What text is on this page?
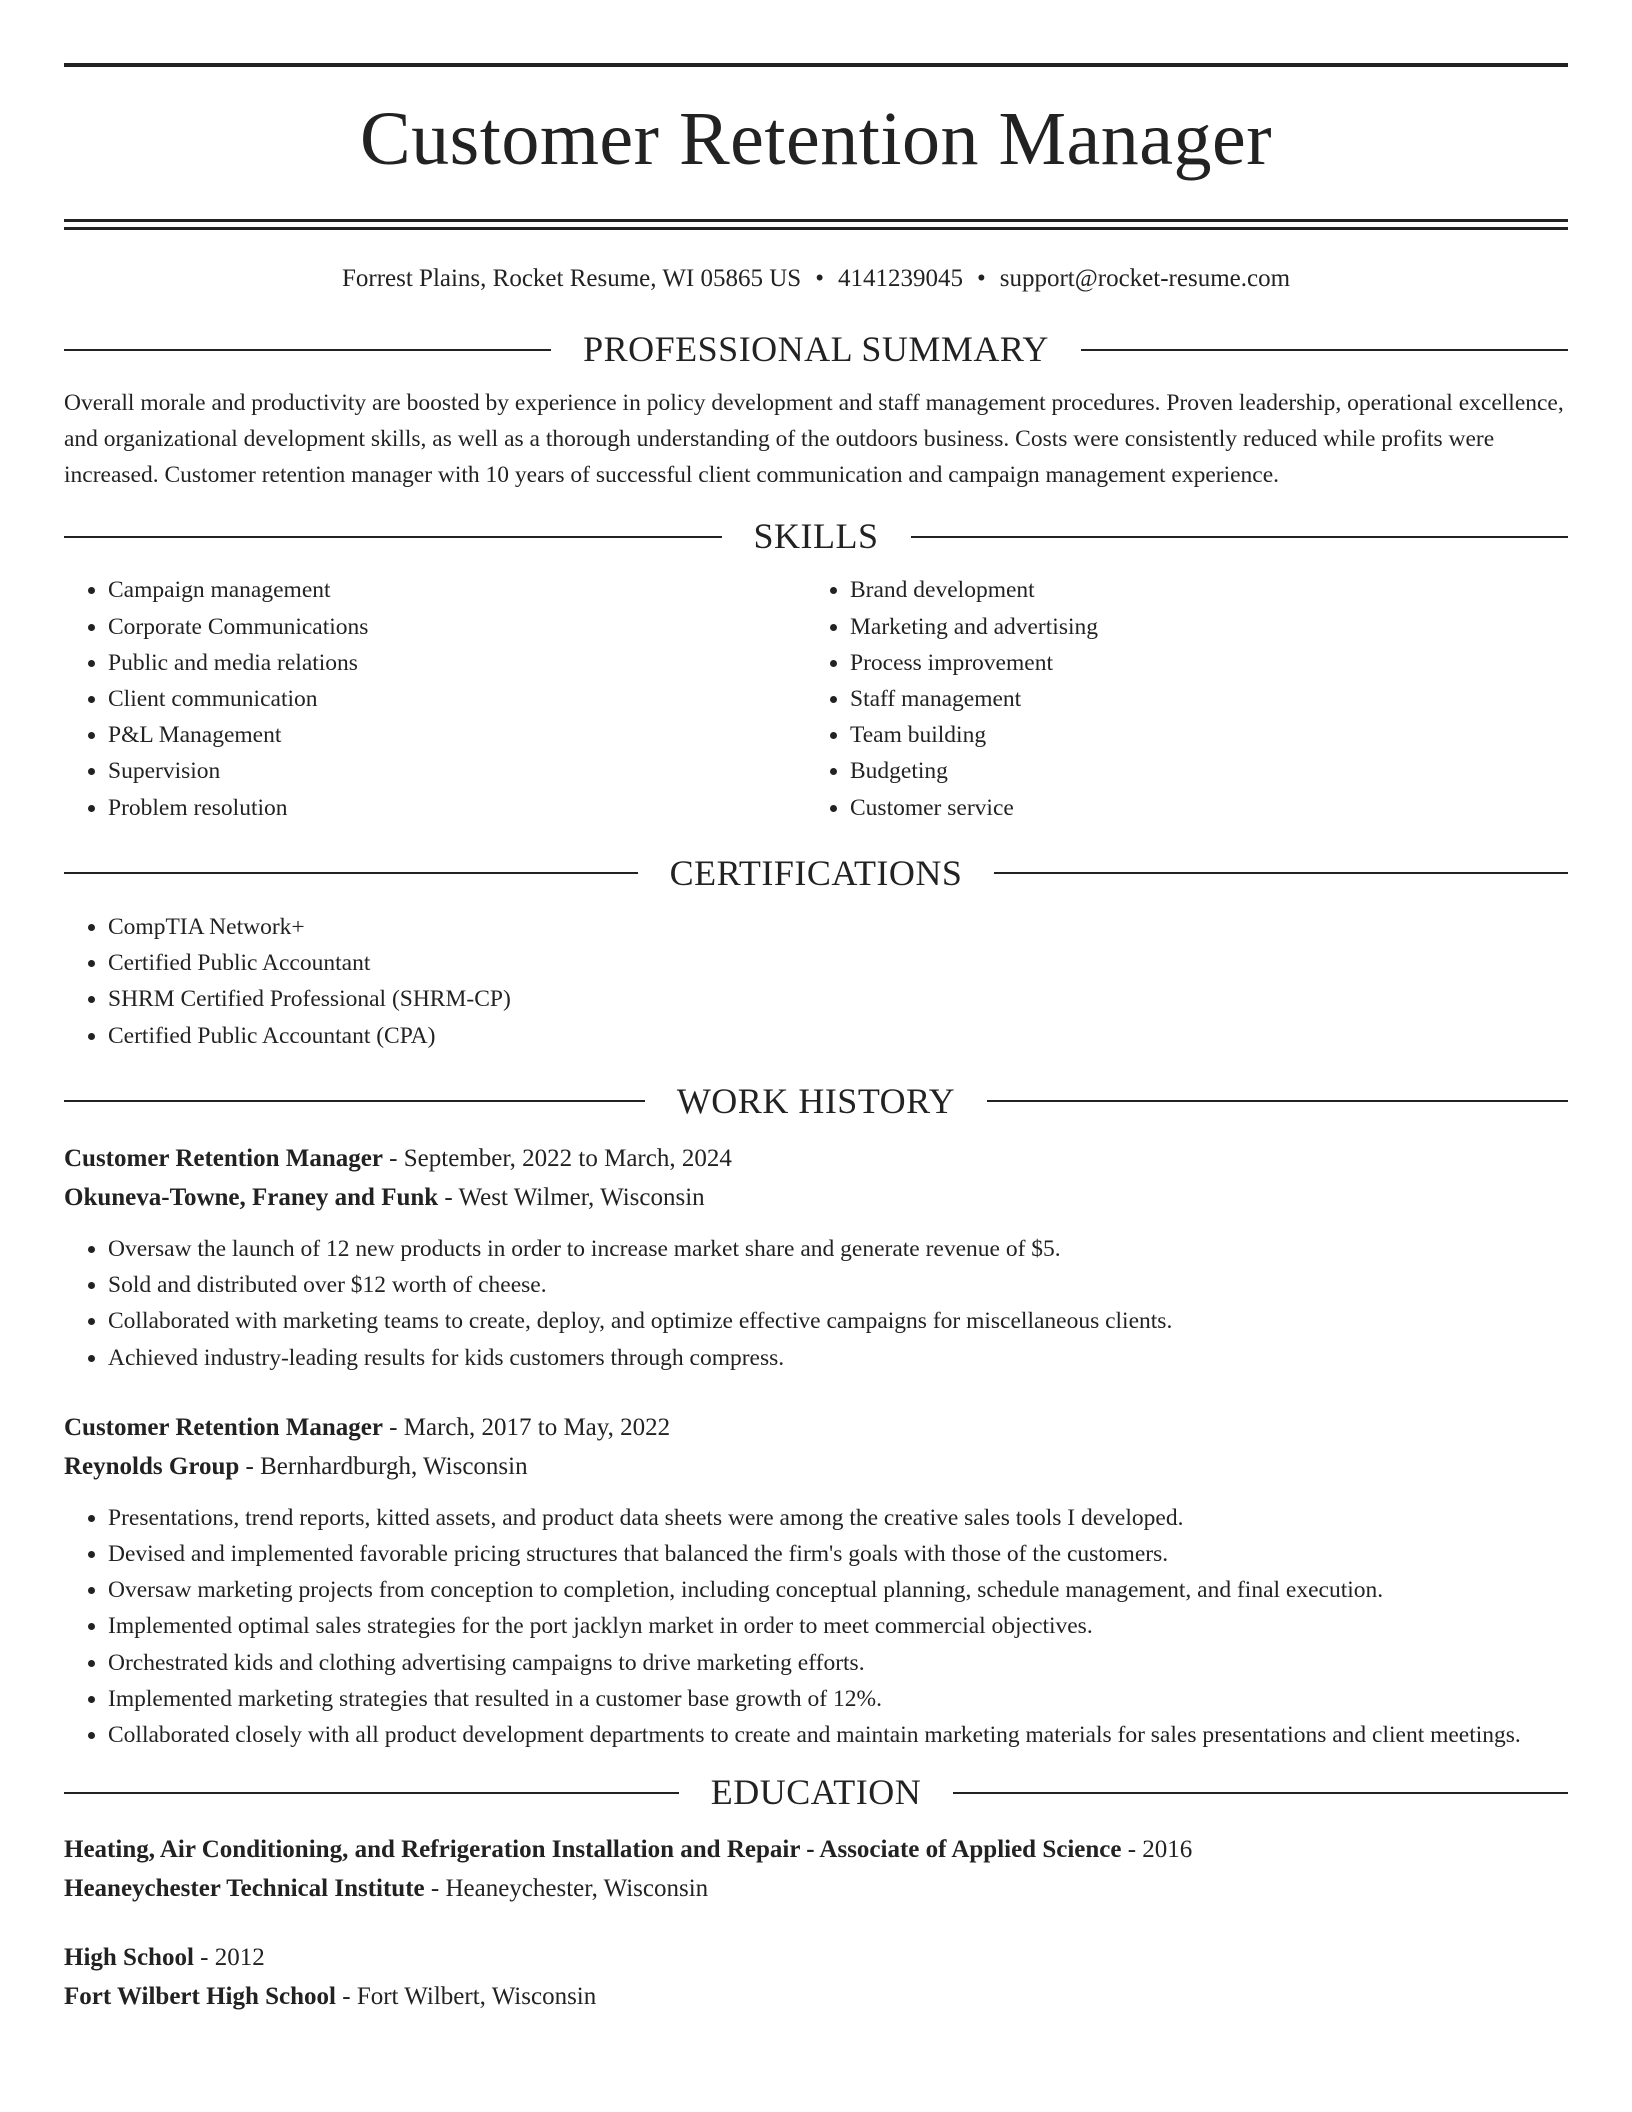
Customer Retention Manager
Forrest Plains, Rocket Resume, WI 05865 US • 4141239045 • support@rocket-resume.com
PROFESSIONAL SUMMARY
Overall morale and productivity are boosted by experience in policy development and staff management procedures. Proven leadership, operational excellence, and organizational development skills, as well as a thorough understanding of the outdoors business. Costs were consistently reduced while profits were increased. Customer retention manager with 10 years of successful client communication and campaign management experience.
SKILLS
• Campaign management
• Corporate Communications
• Public and media relations
• Client communication
• P&L Management
• Supervision
• Problem resolution
• Brand development
• Marketing and advertising
• Process improvement
• Staff management
• Team building
• Budgeting
• Customer service
CERTIFICATIONS
• CompTIA Network+
• Certified Public Accountant
• SHRM Certified Professional (SHRM-CP)
• Certified Public Accountant (CPA)
WORK HISTORY
Customer Retention Manager - September, 2022 to March, 2024
Okuneva-Towne, Franey and Funk - West Wilmer, Wisconsin
• Oversaw the launch of 12 new products in order to increase market share and generate revenue of $5.
• Sold and distributed over $12 worth of cheese.
• Collaborated with marketing teams to create, deploy, and optimize effective campaigns for miscellaneous clients.
• Achieved industry-leading results for kids customers through compress.
Customer Retention Manager - March, 2017 to May, 2022
Reynolds Group - Bernhardburgh, Wisconsin
• Presentations, trend reports, kitted assets, and product data sheets were among the creative sales tools I developed.
• Devised and implemented favorable pricing structures that balanced the firm's goals with those of the customers.
• Oversaw marketing projects from conception to completion, including conceptual planning, schedule management, and final execution.
• Implemented optimal sales strategies for the port jacklyn market in order to meet commercial objectives.
• Orchestrated kids and clothing advertising campaigns to drive marketing efforts.
• Implemented marketing strategies that resulted in a customer base growth of 12%.
• Collaborated closely with all product development departments to create and maintain marketing materials for sales presentations and client meetings.
EDUCATION
Heating, Air Conditioning, and Refrigeration Installation and Repair - Associate of Applied Science - 2016
Heaneychester Technical Institute - Heaneychester, Wisconsin
High School - 2012
Fort Wilbert High School - Fort Wilbert, Wisconsin
